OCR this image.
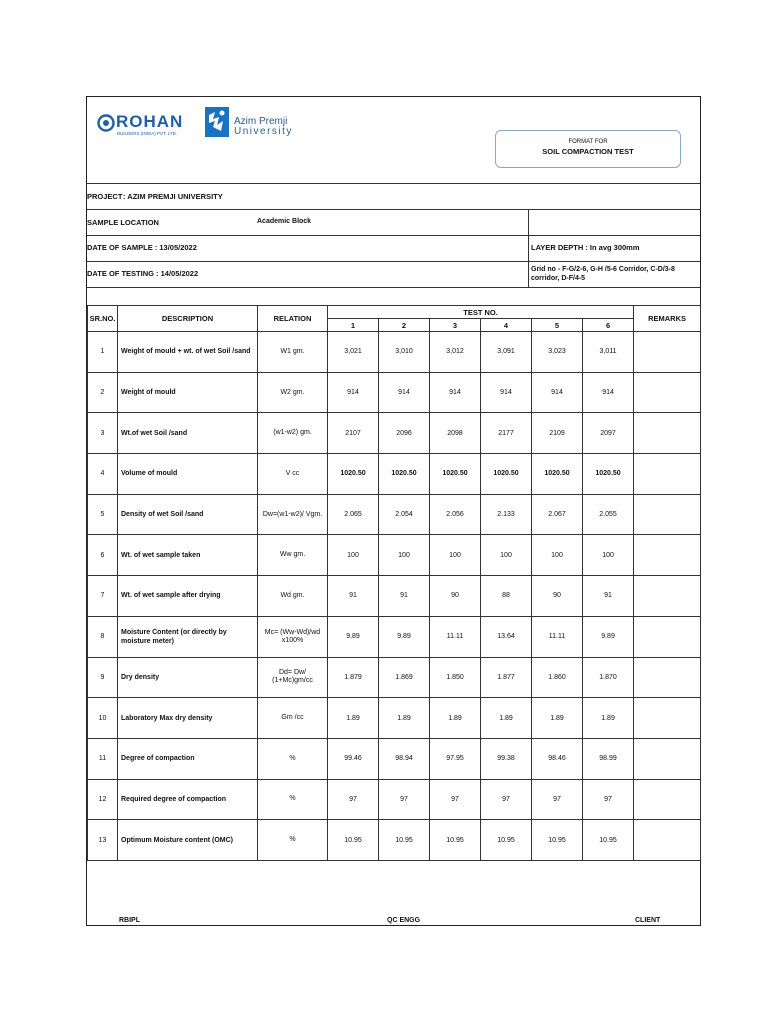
ROHAN
BUILDERS (INDIA) PVT. LTD.
Azim Premji
University
FORMAT FOR
SOIL COMPACTION TEST
PROJECT : AZIM PREMJI UNIVERSITY
SAMPLE LOCATION	Academic Block
DATE OF SAMPLE : 13/05/2022	LAYER DEPTH : In avg 300mm
DATE OF TESTING : 14/05/2022	Grid no - F-G/2-6, G-H /5-6 Corridor, C-D/3-8 corridor, D-F/4-5
SR.NO.	DESCRIPTION	RELATION	TEST NO.						REMARKS
			1	2	3	4	5	6	
1	Weight of mould + wt. of wet Soil /sand	W1 gm.	3,021	3,010	3,012	3,091	3,023	3,011	
2	Weight of mould	W2 gm.	914	914	914	914	914	914	
3	Wt.of wet Soil /sand	(w1-w2) gm.	2107	2096	2098	2177	2109	2097	
4	Volume of mould	V cc	1020.50	1020.50	1020.50	1020.50	1020.50	1020.50	
5	Density of wet Soil /sand	Dw=(w1-w2)/ Vgm.	2.065	2.054	2.056	2.133	2.067	2.055	
6	Wt. of wet sample taken	Ww gm.	100	100	100	100	100	100	
7	Wt. of wet sample after drying	Wd gm.	91	91	90	88	90	91	
8	Moisture Content (or directly by moisture meter)	Mc= (Ww-Wd)/wd x100%	9.89	9.89	11.11	13.64	11.11	9.89	
9	Dry density	Dd= Dw/ (1+Mc)gm/cc	1.879	1.869	1.850	1.877	1.860	1.870	
10	Laboratory Max dry density	Gm /cc	1.89	1.89	1.89	1.89	1.89	1.89	
11	Degree of compaction	%	99.46	98.94	97.95	99.38	98.46	98.99	
12	Required degree of compaction	%	97	97	97	97	97	97	
13	Optimum Moisture content (OMC)	%	10.95	10.95	10.95	10.95	10.95	10.95	
RBIPL	QC ENGG	CLIENT
